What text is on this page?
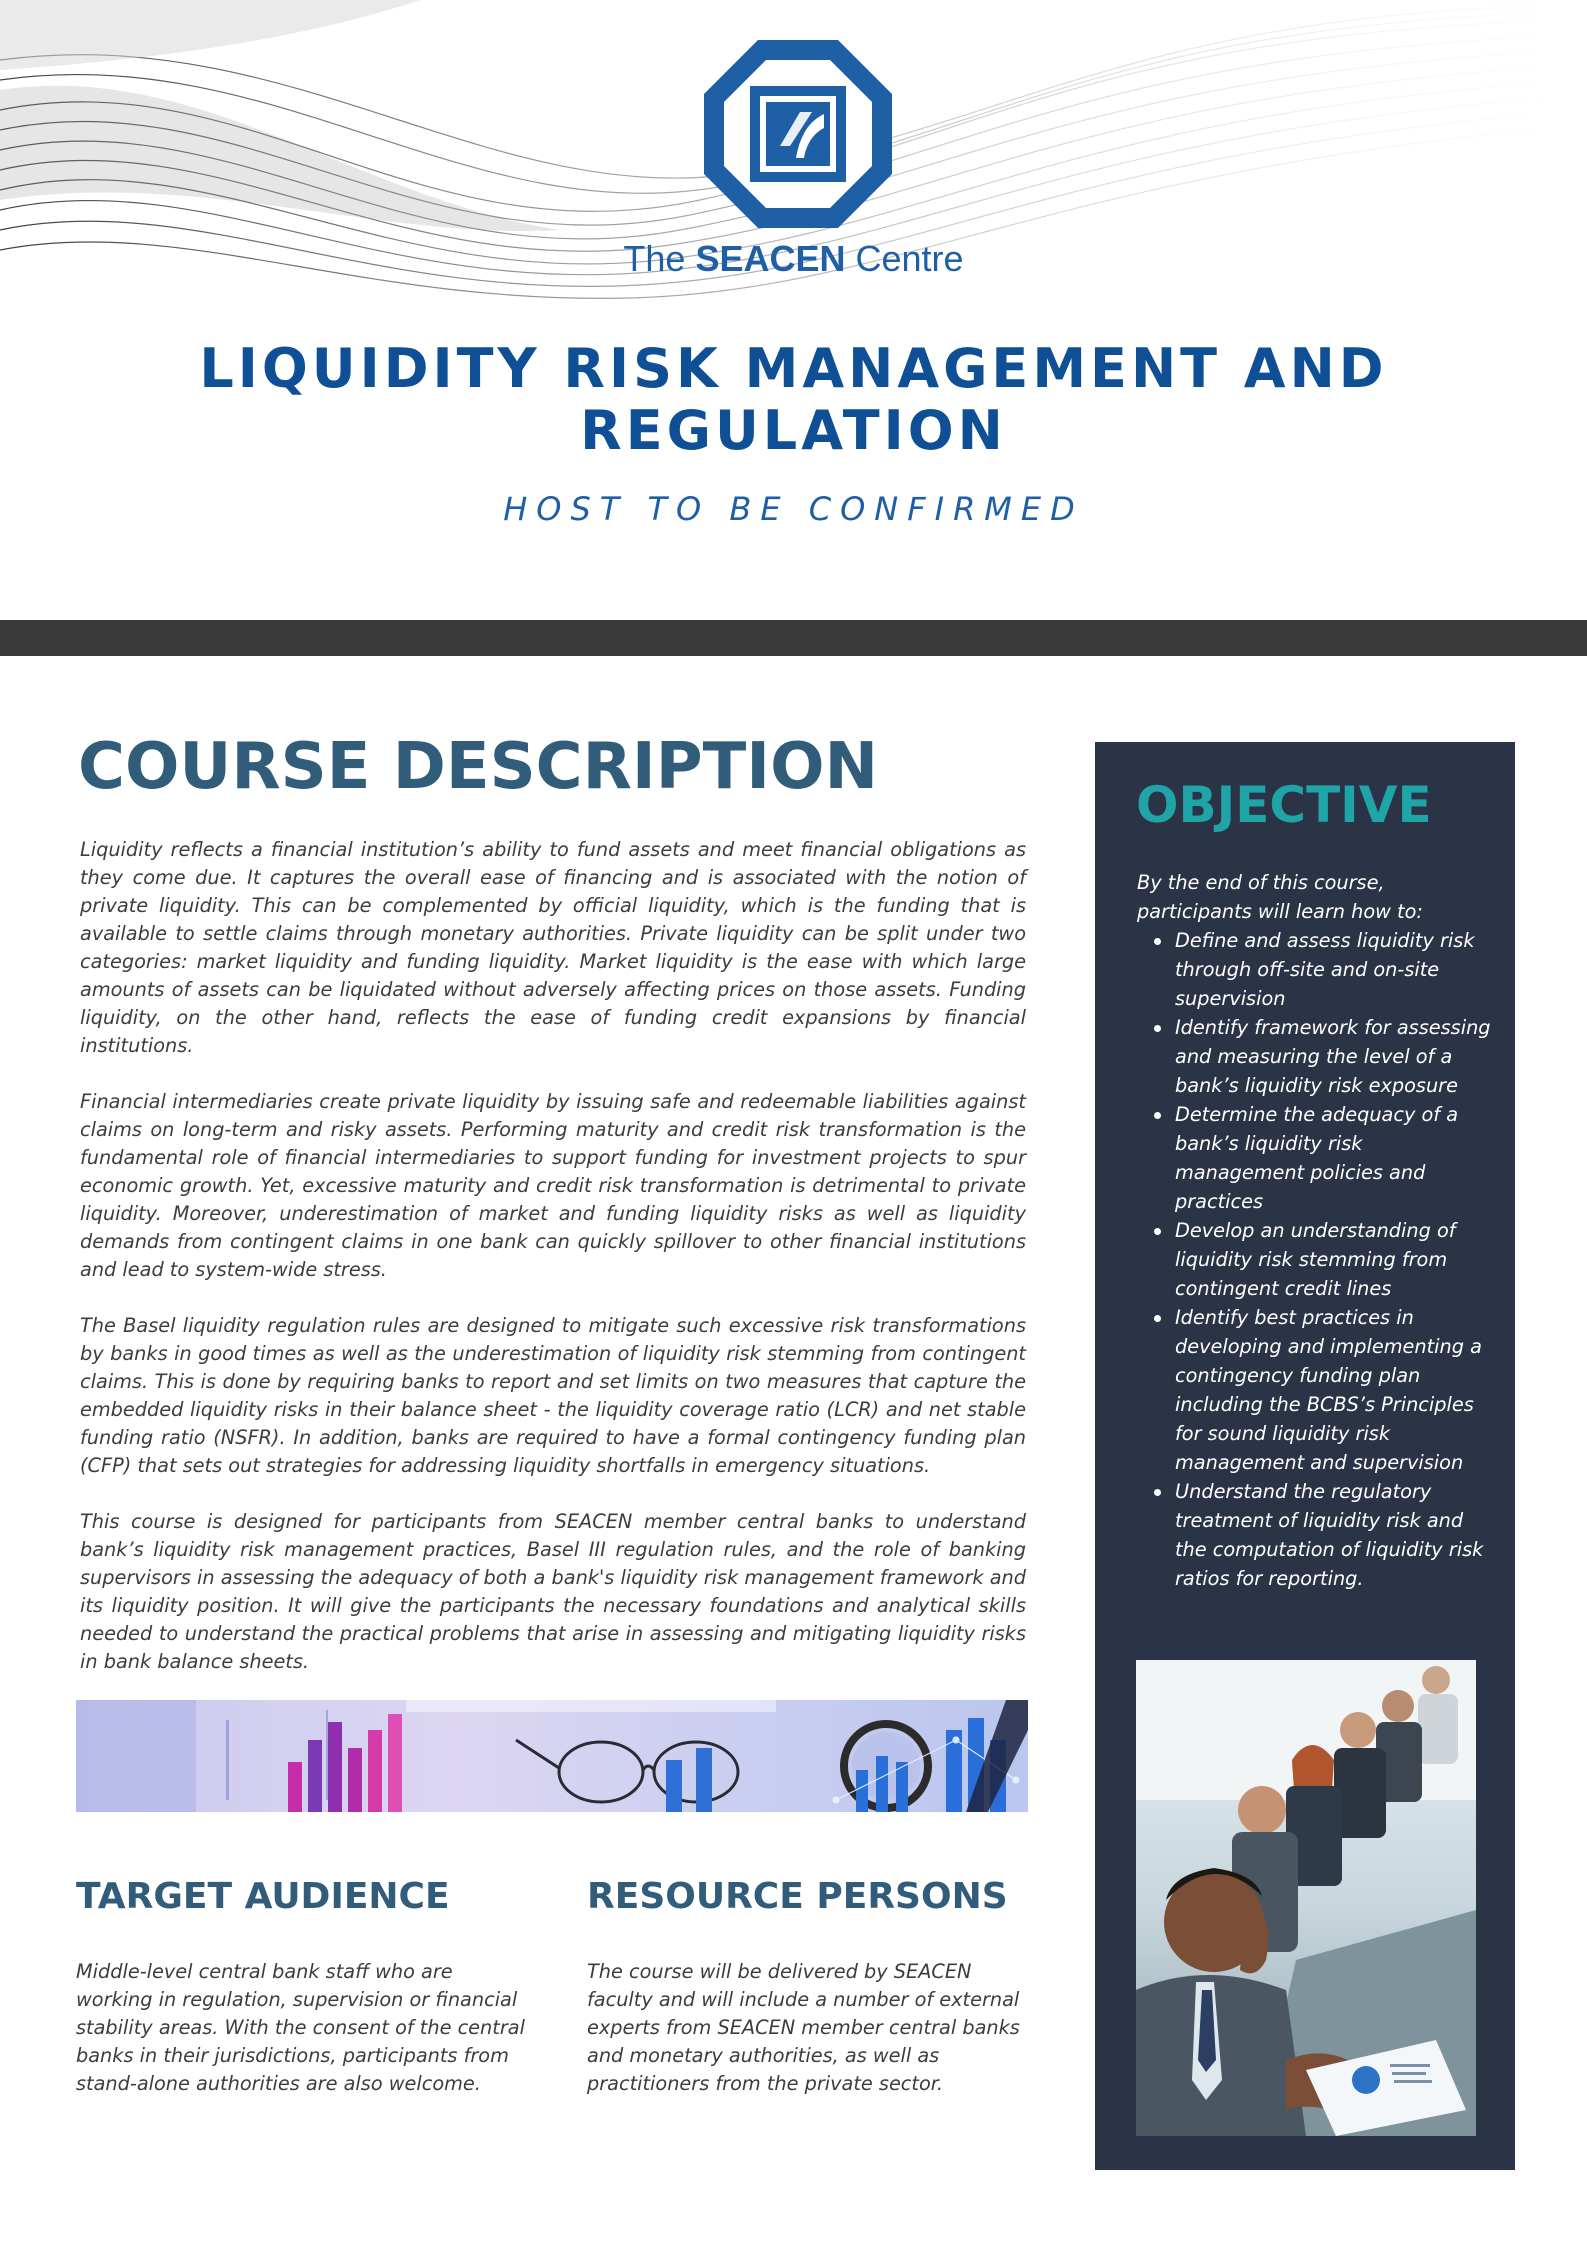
The SEACEN Centre
LIQUIDITY RISK MANAGEMENT AND
REGULATION

HOST TO BE CONFIRMED

COURSE DESCRIPTION

Liquidity reflects a financial institution’s ability to fund assets and meet financial obligations as they come due. It captures the overall ease of financing and is associated with the notion of private liquidity. This can be complemented by official liquidity, which is the funding that is available to settle claims through monetary authorities. Private liquidity can be split under two categories: market liquidity and funding liquidity. Market liquidity is the ease with which large amounts of assets can be liquidated without adversely affecting prices on those assets. Funding liquidity, on the other hand, reflects the ease of funding credit expansions by financial institutions.

Financial intermediaries create private liquidity by issuing safe and redeemable liabilities against claims on long-term and risky assets. Performing maturity and credit risk transformation is the fundamental role of financial intermediaries to support funding for investment projects to spur economic growth. Yet, excessive maturity and credit risk transformation is detrimental to private liquidity. Moreover, underestimation of market and funding liquidity risks as well as liquidity demands from contingent claims in one bank can quickly spillover to other financial institutions and lead to system-wide stress.

The Basel liquidity regulation rules are designed to mitigate such excessive risk transformations by banks in good times as well as the underestimation of liquidity risk stemming from contingent claims. This is done by requiring banks to report and set limits on two measures that capture the embedded liquidity risks in their balance sheet - the liquidity coverage ratio (LCR) and net stable funding ratio (NSFR). In addition, banks are required to have a formal contingency funding plan (CFP) that sets out strategies for addressing liquidity shortfalls in emergency situations.

This course is designed for participants from SEACEN member central banks to understand bank’s liquidity risk management practices, Basel III regulation rules, and the role of banking supervisors in assessing the adequacy of both a bank's liquidity risk management framework and its liquidity position. It will give the participants the necessary foundations and analytical skills needed to understand the practical problems that arise in assessing and mitigating liquidity risks in bank balance sheets.

TARGET AUDIENCE

Middle-level central bank staff who are working in regulation, supervision or financial stability areas. With the consent of the central banks in their jurisdictions, participants from stand-alone authorities are also welcome.

RESOURCE PERSONS

The course will be delivered by SEACEN faculty and will include a number of external experts from SEACEN member central banks and monetary authorities, as well as practitioners from the private sector.

OBJECTIVE

By the end of this course, participants will learn how to:

Define and assess liquidity risk through off-site and on-site supervision
Identify framework for assessing and measuring the level of a bank’s liquidity risk exposure
Determine the adequacy of a bank’s liquidity risk management policies and practices
Develop an understanding of liquidity risk stemming from contingent credit lines
Identify best practices in developing and implementing a contingency funding plan including the BCBS’s Principles for sound liquidity risk management and supervision
Understand the regulatory treatment of liquidity risk and the computation of liquidity risk ratios for reporting.
